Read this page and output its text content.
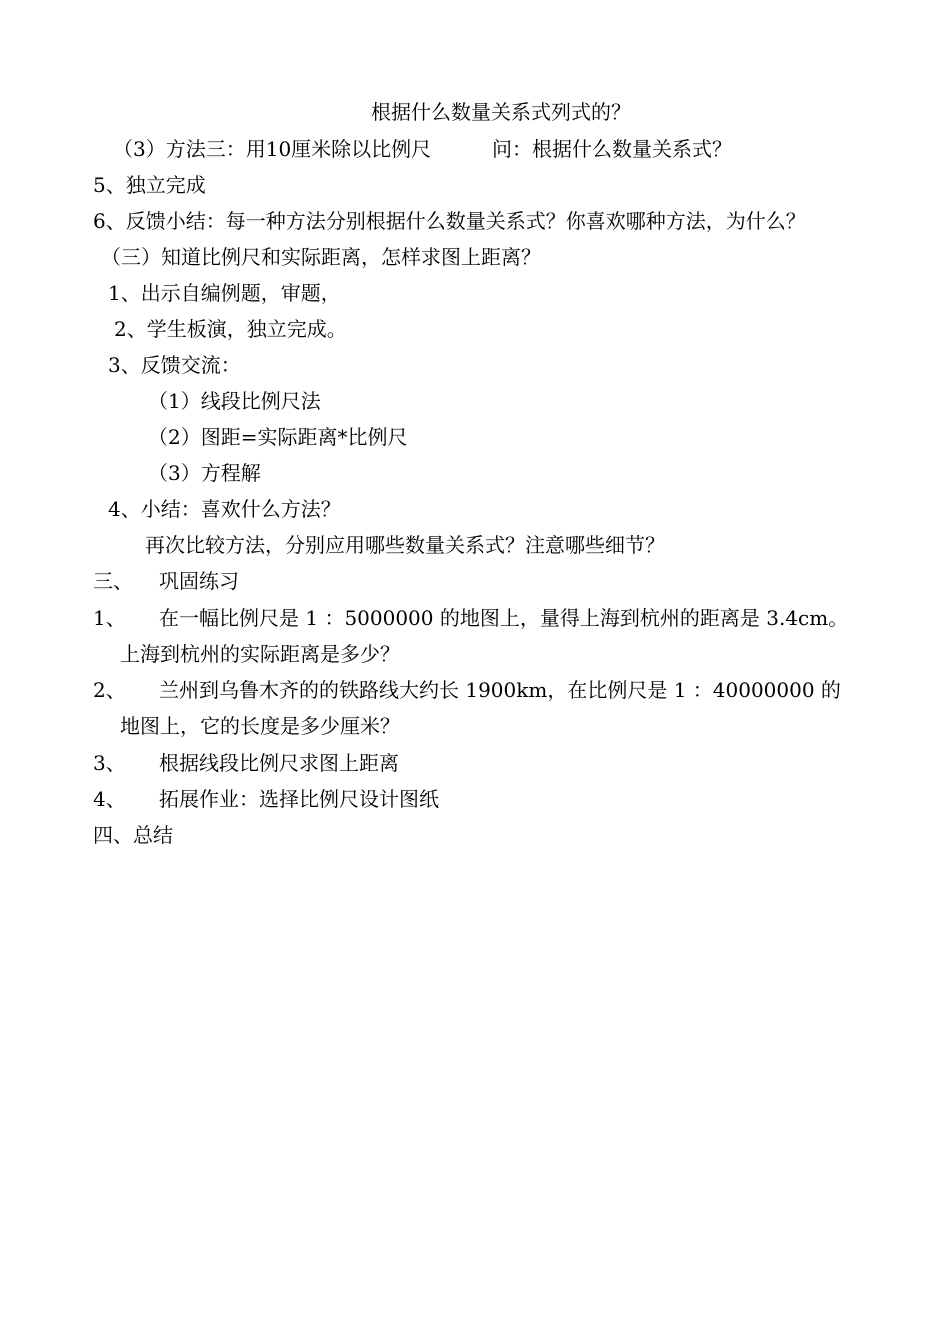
根据什么数量关系式列式的？
（3）方法三：用10厘米除以比例尺	问：根据什么数量关系式？
5、独立完成
6、反馈小结：每一种方法分别根据什么数量关系式？你喜欢哪种方法，为什么？
（三）知道比例尺和实际距离，怎样求图上距离？
1、出示自编例题，审题，
2、学生板演，独立完成。
3、反馈交流：
（1）线段比例尺法
（2）图距=实际距离*比例尺
（3）方程解
4、小结：喜欢什么方法？
再次比较方法，分别应用哪些数量关系式？注意哪些细节？
三、 巩固练习
1、 在一幅比例尺是 1 ：5000000 的地图上，量得上海到杭州的距离是 3.4cm。
上海到杭州的实际距离是多少？
2、 兰州到乌鲁木齐的的铁路线大约长 1900km，在比例尺是 1 ：40000000 的
地图上，它的长度是多少厘米？
3、 根据线段比例尺求图上距离
4、 拓展作业：选择比例尺设计图纸
四、总结
